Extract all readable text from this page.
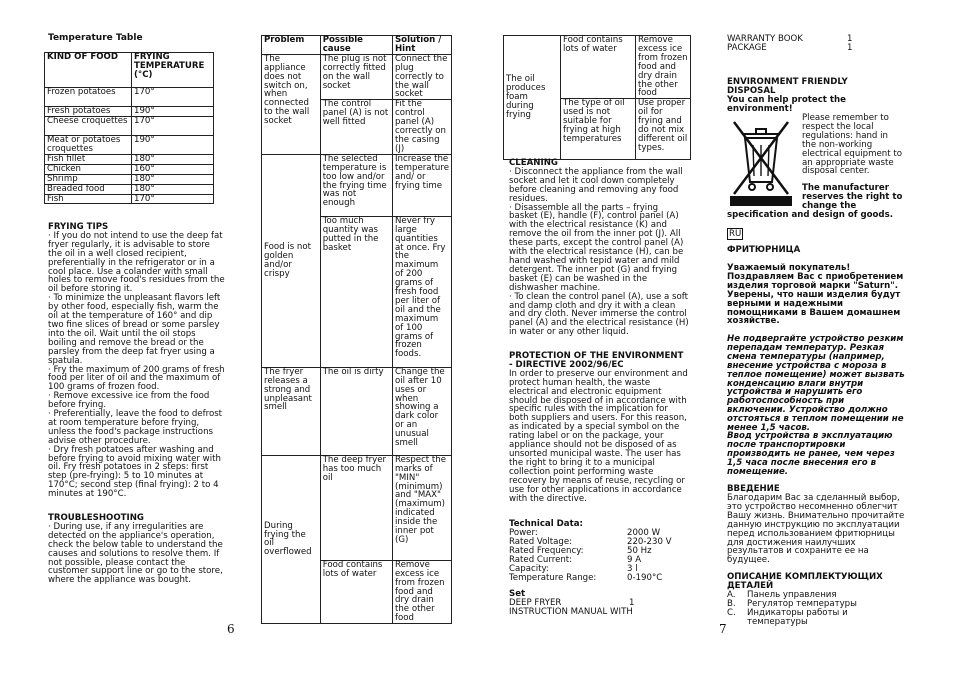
Temperature Table
KIND OF FOOD	FRYING TEMPERATURE (°C)
Frozen potatoes	170°
Fresh potatoes	190°
Cheese croquettes	170°
Meat or potatoes croquettes	190°
Fish fillet	180°
Chicken	160°
Shrimp	180°
Breaded food	180°
Fish	170°
FRYING TIPS

· If you do not intend to use the deep fat fryer regularly, it is advisable to store the oil in a well closed recipient, preferentially in the refrigerator or in a cool place. Use a colander with small holes to remove food's residues from the oil before storing it.

· To minimize the unpleasant flavors left by other food, especially fish, warm the oil at the temperature of 160° and dip two fine slices of bread or some parsley into the oil. Wait until the oil stops boiling and remove the bread or the parsley from the deep fat fryer using a spatula.

· Fry the maximum of 200 grams of fresh food per liter of oil and the maximum of 100 grams of frozen food.

· Remove excessive ice from the food before frying.

· Preferentially, leave the food to defrost at room temperature before frying, unless the food's package instructions advise other procedure.

· Dry fresh potatoes after washing and before frying to avoid mixing water with oil. Fry fresh potatoes in 2 steps: first step (pre-frying): 5 to 10 minutes at 170°C; second step (final frying): 2 to 4 minutes at 190°C.

TROUBLESHOOTING

· During use, if any irregularities are detected on the appliance's operation, check the below table to understand the causes and solutions to resolve them. If not possible, please contact the customer support line or go to the store, where the appliance was bought.

Problem	Possible cause	Solution / Hint
The appliance does not switch on, when connected to the wall socket	The plug is not correctly fitted on the wall socket	Connect the plug correctly to the wall socket
	The control panel (A) is not well fitted	Fit the control panel (A) correctly on the casing (J)
Food is not golden and/or crispy	The selected temperature is too low and/or the frying time was not enough	Increase the temperature and/ or frying time
	Too much quantity was putted in the basket	Never fry large quantities at once. Fry the maximum of 200 grams of fresh food per liter of oil and the maximum of 100 grams of frozen foods.
The fryer releases a strong and unpleasant smell	The oil is dirty	Change the oil after 10 uses or when showing a dark color or an unusual smell
During frying the oil overflowed	The deep fryer has too much oil	Respect the marks of "MIN" (minimum) and "MAX" (maximum) indicated inside the inner pot (G)
	Food contains lots of water	Remove excess ice from frozen food and dry drain the other food
6
The oil produces foam during frying	Food contains lots of water	Remove excess ice from frozen food and dry drain the other food
	The type of oil used is not suitable for frying at high temperatures	Use proper oil for frying and do not mix different oil types.
CLEANING

· Disconnect the appliance from the wall socket and let it cool down completely before cleaning and removing any food residues.

· Disassemble all the parts – frying basket (E), handle (F), control panel (A) with the electrical resistance (K) and remove the oil from the inner pot (J). All these parts, except the control panel (A) with the electrical resistance (H), can be hand washed with tepid water and mild detergent. The inner pot (G) and frying basket (E) can be washed in the dishwasher machine.

· To clean the control panel (A), use a soft and damp cloth and dry it with a clean and dry cloth. Never immerse the control panel (A) and the electrical resistance (H) in water or any other liquid.

PROTECTION OF THE ENVIRONMENT - DIRECTIVE 2002/96/EC

In order to preserve our environment and protect human health, the waste electrical and electronic equipment should be disposed of in accordance with specific rules with the implication for both suppliers and users. For this reason, as indicated by a special symbol on the rating label or on the package, your appliance should not be disposed of as unsorted municipal waste. The user has the right to bring it to a municipal collection point performing waste recovery by means of reuse, recycling or use for other applications in accordance with the directive.

Technical Data:
Power:	2000 W
Rated Voltage:	220-230 V
Rated Frequency:	50 Hz
Rated Current:	9 A
Capacity:	3 l
Temperature Range:	0-190°C
Set
DEEP FRYER	1
INSTRUCTION MANUAL WITH
WARRANTY BOOK	1
PACKAGE	1
ENVIRONMENT FRIENDLY DISPOSAL
You can help protect the environment!
Please remember to respect the local regulations: hand in the non-working electrical equipment to an appropriate waste disposal center.
The manufacturer reserves the right to change the
specification and design of goods.
RU
ФРИТЮРНИЦА
Уважаемый покупатель! Поздравляем Вас с приобретением изделия торговой марки "Saturn". Уверены, что наши изделия будут верными и надежными помощниками в Вашем домашнем хозяйстве.
Не подвергайте устройство резким перепадам температур. Резкая смена температуры (например, внесение устройства с мороза в теплое помещение) может вызвать конденсацию влаги внутри устройства и нарушить его работоспособность при включении. Устройство должно отстояться в теплом помещении не менее 1,5 часов.
Ввод устройства в эксплуатацию после транспортировки производить не ранее, чем через 1,5 часа после внесения его в помещение.
ВВЕДЕНИЕ
Благодарим Вас за сделанный выбор, это устройство несомненно облегчит Вашу жизнь. Внимательно прочитайте данную инструкцию по эксплуатации перед использованием фритюрницы для достижения наилучших результатов и сохраните ее на будущее.
ОПИСАНИЕ КОМПЛЕКТУЮЩИХ ДЕТАЛЕЙ
A. Панель управления
B. Регулятор температуры
C. Индикаторы работы и температуры
7
